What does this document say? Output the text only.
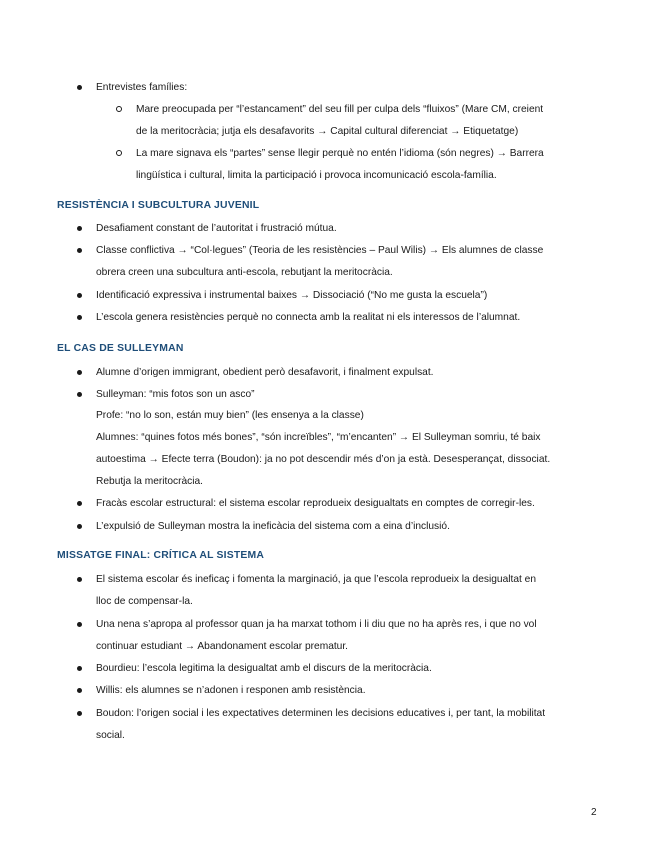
Entrevistes famílies:
Mare preocupada per “l’estancament” del seu fill per culpa dels “fluixos” (Mare CM, creient
de la meritocràcia; jutja els desafavorits → Capital cultural diferenciat → Etiquetatge)
La mare signava els “partes” sense llegir perquè no entén l’idioma (són negres) → Barrera
lingüística i cultural, limita la participació i provoca incomunicació escola-família.
RESISTÈNCIA I SUBCULTURA JUVENIL
Desafiament constant de l’autoritat i frustració mútua.
Classe conflictiva → “Col·legues” (Teoria de les resistències – Paul Wilis) → Els alumnes de classe
obrera creen una subcultura anti-escola, rebutjant la meritocràcia.
Identificació expressiva i instrumental baixes → Dissociació (“No me gusta la escuela”)
L’escola genera resistències perquè no connecta amb la realitat ni els interessos de l’alumnat.
EL CAS DE SULLEYMAN
Alumne d’origen immigrant, obedient però desafavorit, i finalment expulsat.
Sulleyman: “mis fotos son un asco”
Profe: “no lo son, están muy bien” (les ensenya a la classe)
Alumnes: “quines fotos més bones”, “són increïbles”, “m’encanten” → El Sulleyman somriu, té baix
autoestima → Efecte terra (Boudon): ja no pot descendir més d’on ja està. Desesperançat, dissociat.
Rebutja la meritocràcia.
Fracàs escolar estructural: el sistema escolar reprodueix desigualtats en comptes de corregir-les.
L’expulsió de Sulleyman mostra la ineficàcia del sistema com a eina d’inclusió.
MISSATGE FINAL: CRÍTICA AL SISTEMA
El sistema escolar és ineficaç i fomenta la marginació, ja que l’escola reprodueix la desigualtat en
lloc de compensar-la.
Una nena s’apropa al professor quan ja ha marxat tothom i li diu que no ha après res, i que no vol
continuar estudiant → Abandonament escolar prematur.
Bourdieu: l’escola legitima la desigualtat amb el discurs de la meritocràcia.
Willis: els alumnes se n’adonen i responen amb resistència.
Boudon: l’origen social i les expectatives determinen les decisions educatives i, per tant, la mobilitat
social.
2
